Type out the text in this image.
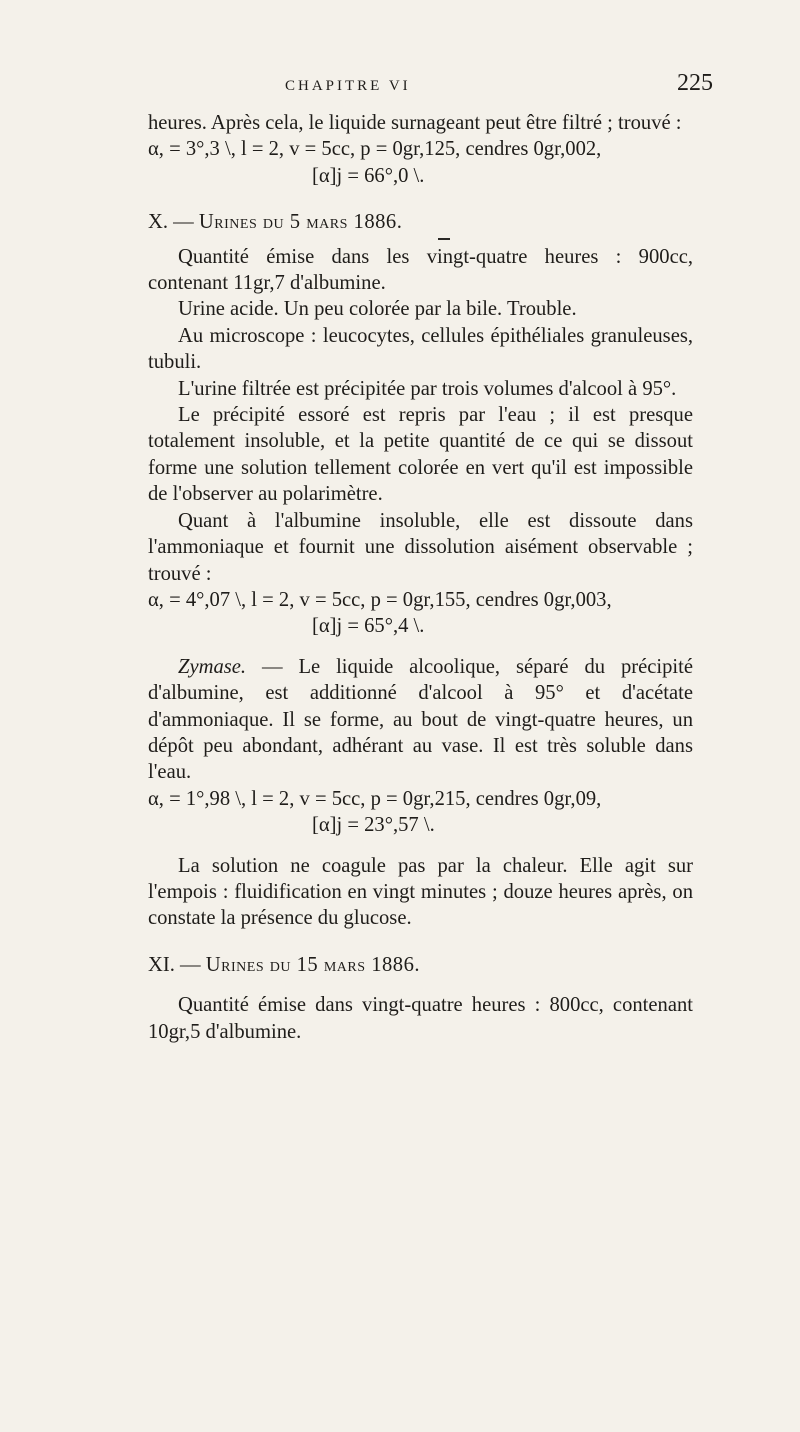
CHAPITRE VI	225

heures. Après cela, le liquide surnageant peut être filtré ; trouvé :

α, = 3°,3 \, l = 2, v = 5cc, p = 0gr,125, cendres 0gr,002,

[α]j = 66°,0 \.

X. — Urines du 5 mars 1886.

Quantité émise dans les vingt-quatre heures : 900cc, contenant 11gr,7 d'albumine.

Urine acide. Un peu colorée par la bile. Trouble.

Au microscope : leucocytes, cellules épithéliales granuleuses, tubuli.

L'urine filtrée est précipitée par trois volumes d'alcool à 95°.

Le précipité essoré est repris par l'eau ; il est presque totalement insoluble, et la petite quantité de ce qui se dissout forme une solution tellement colorée en vert qu'il est impossible de l'observer au polarimètre.

Quant à l'albumine insoluble, elle est dissoute dans l'ammoniaque et fournit une dissolution aisément observable ; trouvé :

α, = 4°,07 \, l = 2, v = 5cc, p = 0gr,155, cendres 0gr,003,

[α]j = 65°,4 \.

Zymase. — Le liquide alcoolique, séparé du précipité d'albumine, est additionné d'alcool à 95° et d'acétate d'ammoniaque. Il se forme, au bout de vingt-quatre heures, un dépôt peu abondant, adhérant au vase. Il est très soluble dans l'eau.

α, = 1°,98 \, l = 2, v = 5cc, p = 0gr,215, cendres 0gr,09,

[α]j = 23°,57 \.

La solution ne coagule pas par la chaleur. Elle agit sur l'empois : fluidification en vingt minutes ; douze heures après, on constate la présence du glucose.

XI. — Urines du 15 mars 1886.

Quantité émise dans vingt-quatre heures : 800cc, contenant 10gr,5 d'albumine.
